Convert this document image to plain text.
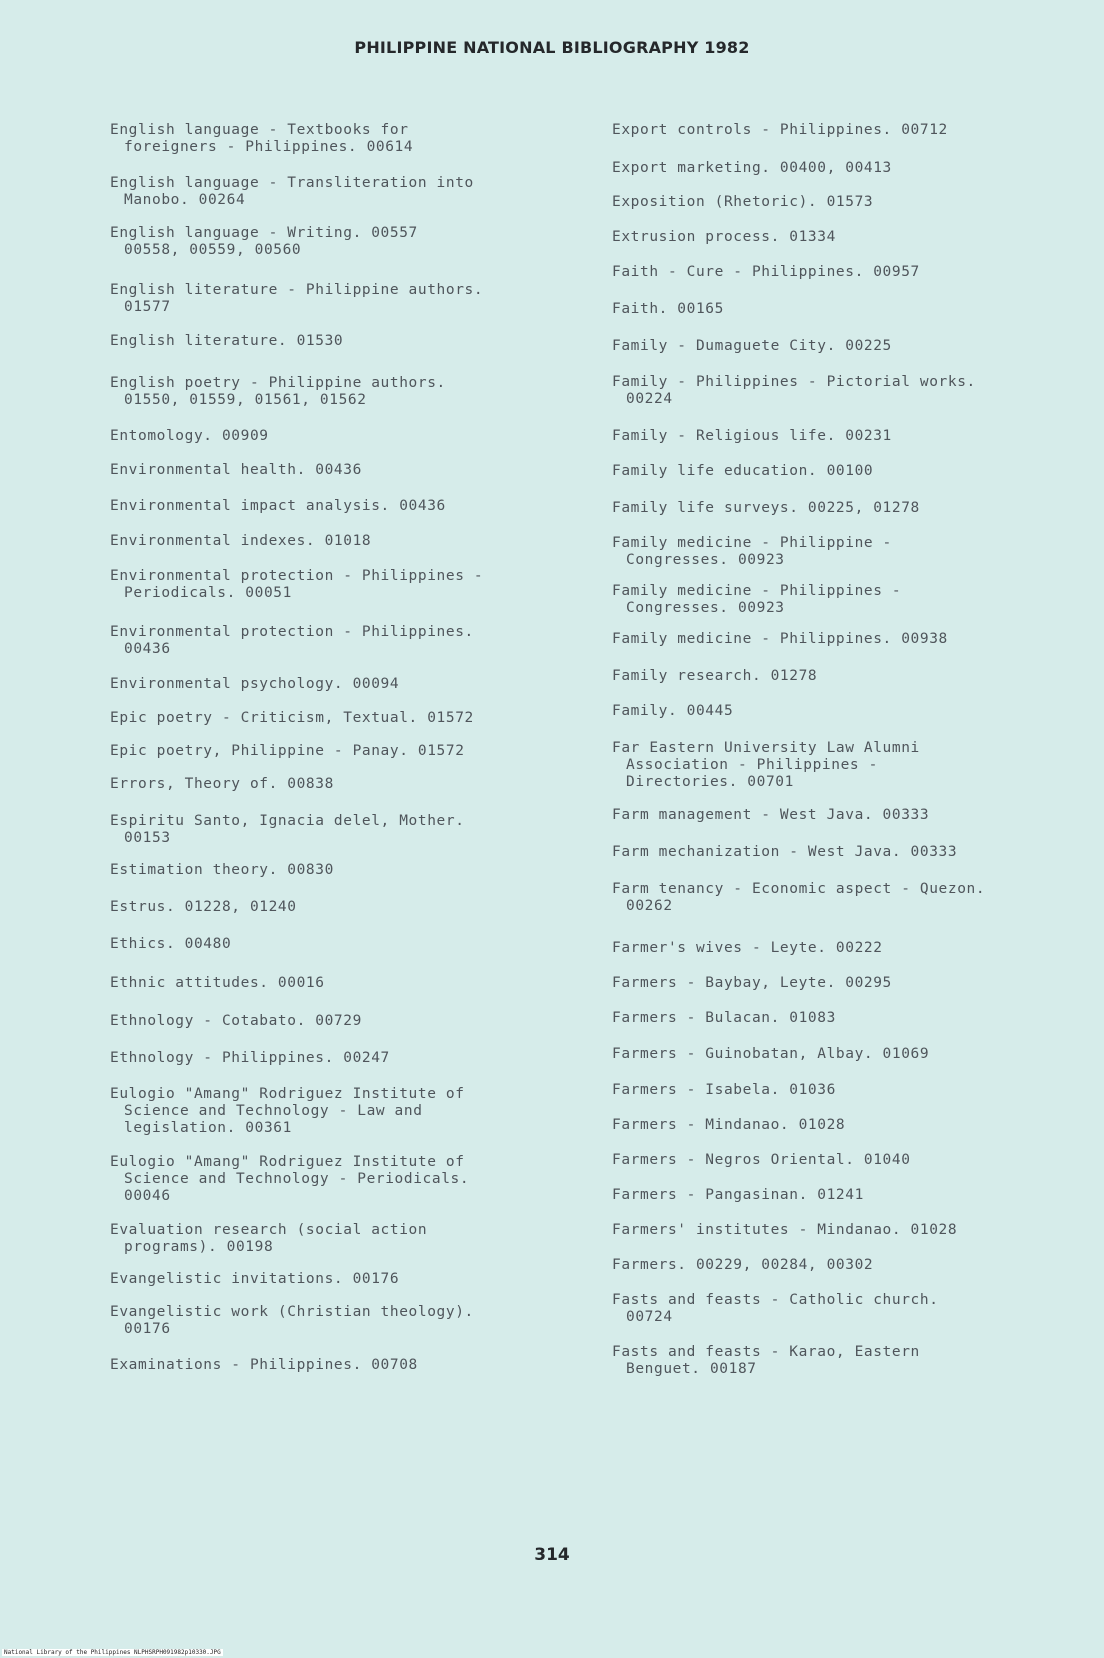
PHILIPPINE NATIONAL BIBLIOGRAPHY 1982
English language - Textbooks for
foreigners - Philippines. 00614
English language - Transliteration into
Manobo. 00264
English language - Writing. 00557
00558, 00559, 00560
English literature - Philippine authors.
01577
English literature. 01530
English poetry - Philippine authors.
01550, 01559, 01561, 01562
Entomology. 00909
Environmental health. 00436
Environmental impact analysis. 00436
Environmental indexes. 01018
Environmental protection - Philippines -
Periodicals. 00051
Environmental protection - Philippines.
00436
Environmental psychology. 00094
Epic poetry - Criticism, Textual. 01572
Epic poetry, Philippine - Panay. 01572
Errors, Theory of. 00838
Espiritu Santo, Ignacia delel, Mother.
00153
Estimation theory. 00830
Estrus. 01228, 01240
Ethics. 00480
Ethnic attitudes. 00016
Ethnology - Cotabato. 00729
Ethnology - Philippines. 00247
Eulogio "Amang" Rodriguez Institute of
Science and Technology - Law and
legislation. 00361
Eulogio "Amang" Rodriguez Institute of
Science and Technology - Periodicals.
00046
Evaluation research (social action
programs). 00198
Evangelistic invitations. 00176
Evangelistic work (Christian theology).
00176
Examinations - Philippines. 00708
Export controls - Philippines. 00712
Export marketing. 00400, 00413
Exposition (Rhetoric). 01573
Extrusion process. 01334
Faith - Cure - Philippines. 00957
Faith. 00165
Family - Dumaguete City. 00225
Family - Philippines - Pictorial works.
00224
Family - Religious life. 00231
Family life education. 00100
Family life surveys. 00225, 01278
Family medicine - Philippine -
Congresses. 00923
Family medicine - Philippines -
Congresses. 00923
Family medicine - Philippines. 00938
Family research. 01278
Family. 00445
Far Eastern University Law Alumni
Association - Philippines -
Directories. 00701
Farm management - West Java. 00333
Farm mechanization - West Java. 00333
Farm tenancy - Economic aspect - Quezon.
00262
Farmer's wives - Leyte. 00222
Farmers - Baybay, Leyte. 00295
Farmers - Bulacan. 01083
Farmers - Guinobatan, Albay. 01069
Farmers - Isabela. 01036
Farmers - Mindanao. 01028
Farmers - Negros Oriental. 01040
Farmers - Pangasinan. 01241
Farmers' institutes - Mindanao. 01028
Farmers. 00229, 00284, 00302
Fasts and feasts - Catholic church.
00724
Fasts and feasts - Karao, Eastern
Benguet. 00187
314
National Library of the Philippines NLPHSRPH091982p10330.JPG
